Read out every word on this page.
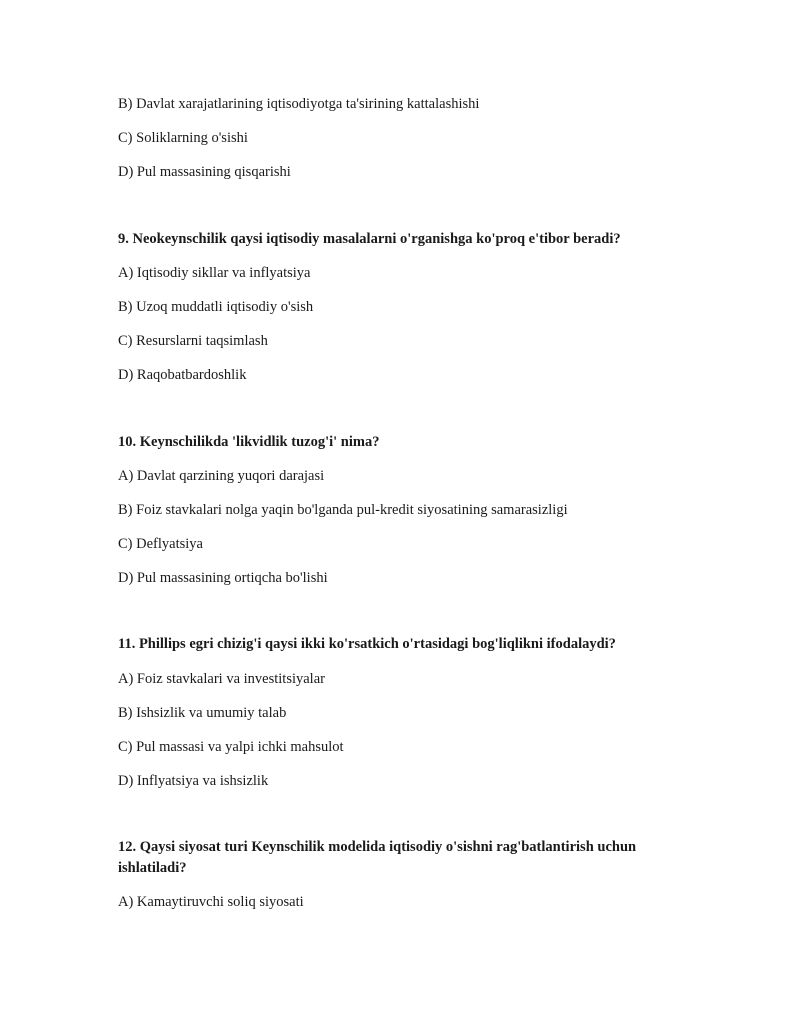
B) Davlat xarajatlarining iqtisodiyotga ta'sirining kattalashishi
C) Soliklarning o'sishi
D) Pul massasining qisqarishi
9. Neokeynschilik qaysi iqtisodiy masalalarni o'rganishga ko'proq e'tibor beradi?
A) Iqtisodiy sikllar va inflyatsiya
B) Uzoq muddatli iqtisodiy o'sish
C) Resurslarni taqsimlash
D) Raqobatbardoshlik
10. Keynschilikda 'likvidlik tuzog'i' nima?
A) Davlat qarzining yuqori darajasi
B) Foiz stavkalari nolga yaqin bo'lganda pul-kredit siyosatining samarasizligi
C) Deflyatsiya
D) Pul massasining ortiqcha bo'lishi
11. Phillips egri chizig'i qaysi ikki ko'rsatkich o'rtasidagi bog'liqlikni ifodalaydi?
A) Foiz stavkalari va investitsiyalar
B) Ishsizlik va umumiy talab
C) Pul massasi va yalpi ichki mahsulot
D) Inflyatsiya va ishsizlik
12. Qaysi siyosat turi Keynschilik modelida iqtisodiy o'sishni rag'batlantirish uchun ishlatiladi?
A) Kamaytiruvchi soliq siyosati
